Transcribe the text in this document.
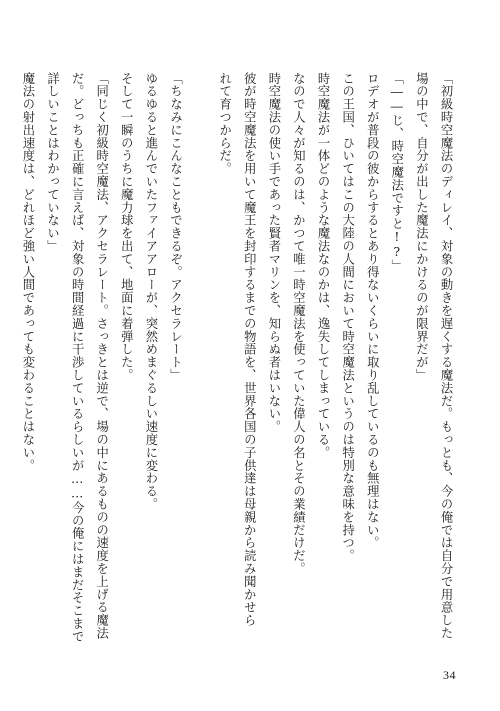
「初級時空魔法のディレイ、対象の動きを遅くする魔法だ。もっとも、今の俺では自分で用意した
場の中で、自分が出した魔法にかけるのが限界だが」
「――じ、時空魔法ですと!?」
ロデオが普段の彼からするとあり得ないくらいに取り乱しているのも無理はない。
この王国、ひいてはこの大陸の人間において時空魔法というのは特別な意味を持つ。
時空魔法が一体どのような魔法なのかは、逸失してしまっている。
なので人々が知るのは、かつて唯一時空魔法を使っていた偉人の名とその業績だけだ。
時空魔法の使い手であった賢者マリンを、知らぬ者はいない。
彼が時空魔法を用いて魔王を封印するまでの物語を、世界各国の子供達は母親から読み聞かせら
れて育つからだ。
「ちなみにこんなこともできるぞ。アクセラレート」
ゆるゆると進んでいたファイアアローが、突然めまぐるしい速度に変わる。
そして一瞬のうちに魔力球を出て、地面に着弾した。
「同じく初級時空魔法、アクセラレート。さっきとは逆で、場の中にあるものの速度を上げる魔法
だ。どっちも正確に言えば、対象の時間経過に干渉しているらしいが……今の俺にはまだそこまで
詳しいことはわかっていない」
魔法の射出速度は、どれほど強い人間であっても変わることはない。
34
